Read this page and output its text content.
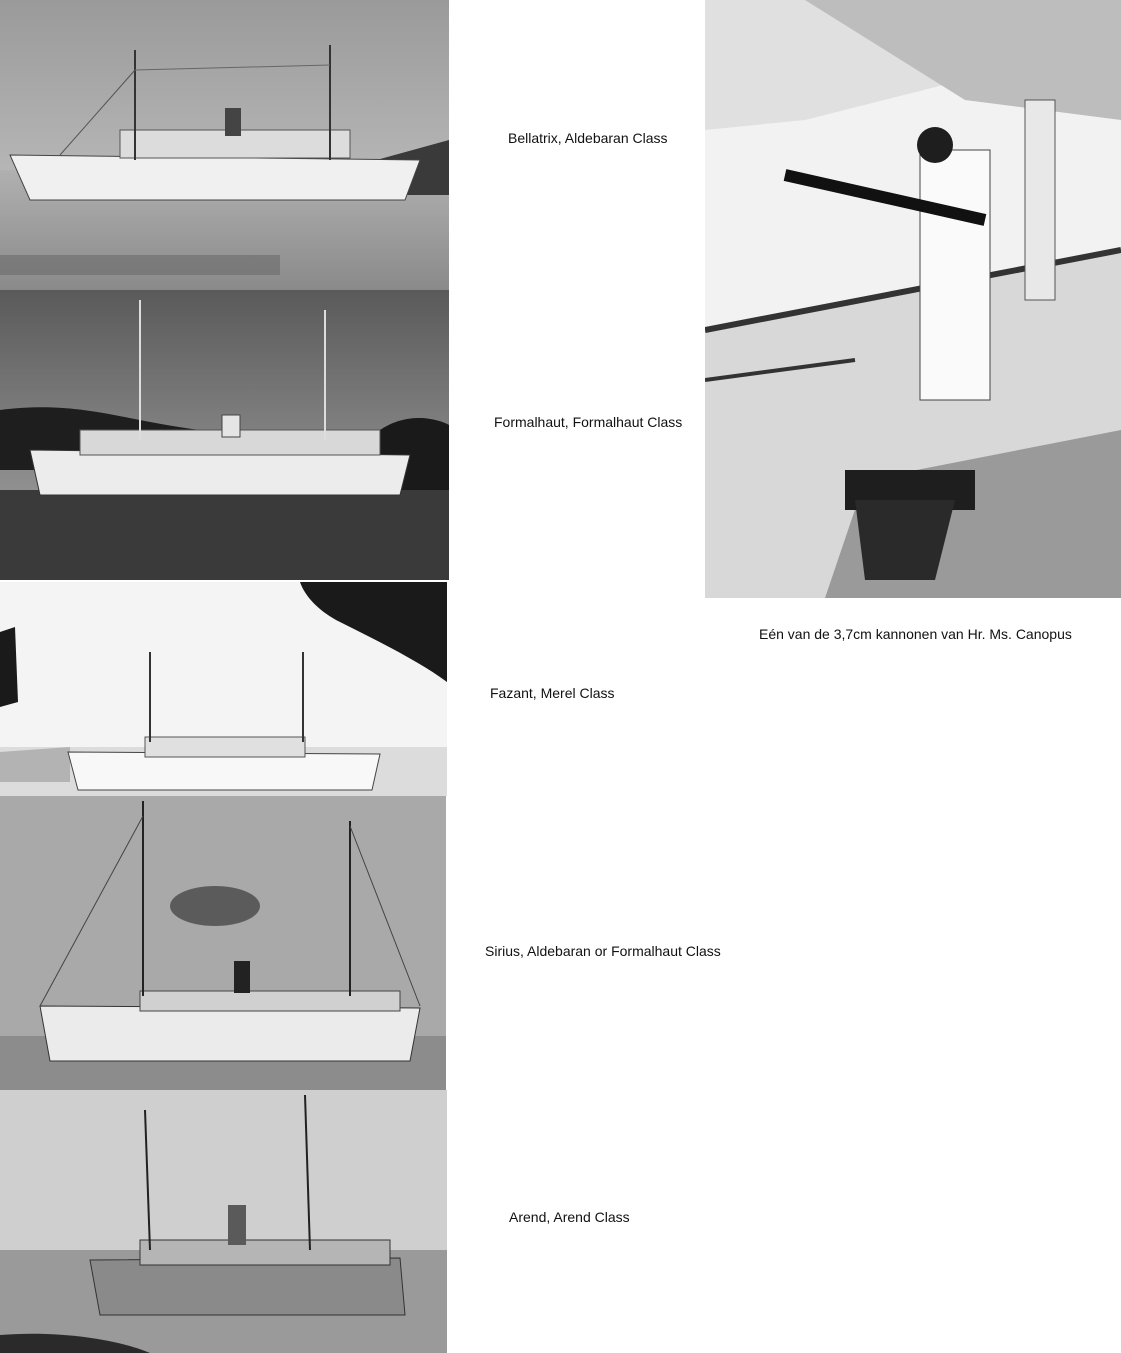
Bellatrix, Aldebaran Class
Formalhaut, Formalhaut Class
Fazant, Merel Class
Sirius, Aldebaran or Formalhaut Class
Arend, Arend Class
Eén van de 3,7cm kannonen van Hr. Ms. Canopus
